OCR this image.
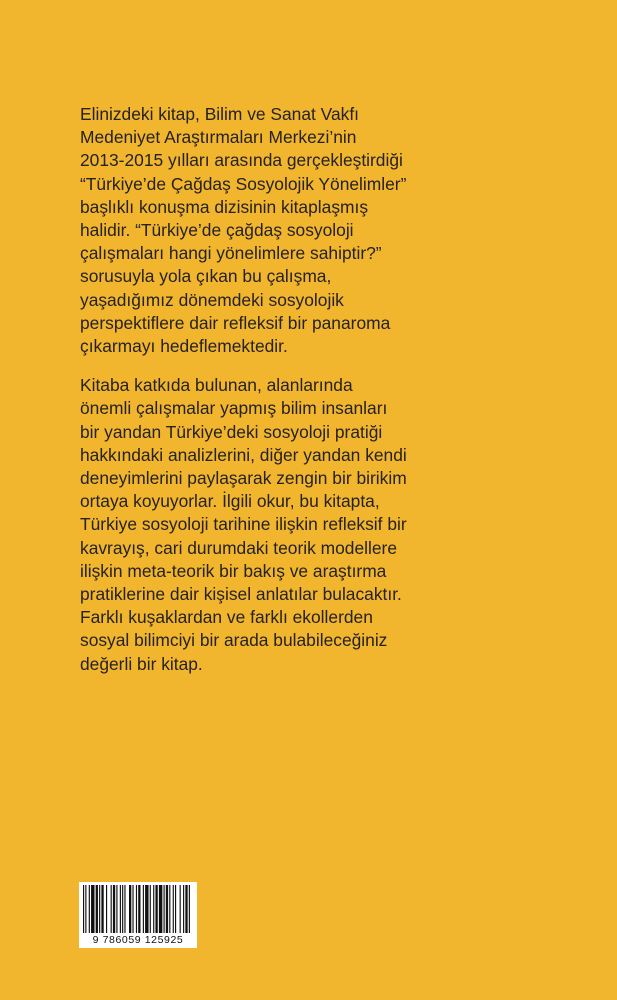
Elinizdeki kitap, Bilim ve Sanat Vakfı
Medeniyet Araştırmaları Merkezi’nin
2013-2015 yılları arasında gerçekleştirdiği
“Türkiye’de Çağdaş Sosyolojik Yönelimler”
başlıklı konuşma dizisinin kitaplaşmış
halidir. “Türkiye’de çağdaş sosyoloji
çalışmaları hangi yönelimlere sahiptir?”
sorusuyla yola çıkan bu çalışma,
yaşadığımız dönemdeki sosyolojik
perspektiflere dair refleksif bir panaroma
çıkarmayı hedeflemektedir.
Kitaba katkıda bulunan, alanlarında
önemli çalışmalar yapmış bilim insanları
bir yandan Türkiye’deki sosyoloji pratiği
hakkındaki analizlerini, diğer yandan kendi
deneyimlerini paylaşarak zengin bir birikim
ortaya koyuyorlar. İlgili okur, bu kitapta,
Türkiye sosyoloji tarihine ilişkin refleksif bir
kavrayış, cari durumdaki teorik modellere
ilişkin meta-teorik bir bakış ve araştırma
pratiklerine dair kişisel anlatılar bulacaktır.
Farklı kuşaklardan ve farklı ekollerden
sosyal bilimciyi bir arada bulabileceğiniz
değerli bir kitap.
9 786059 125925
